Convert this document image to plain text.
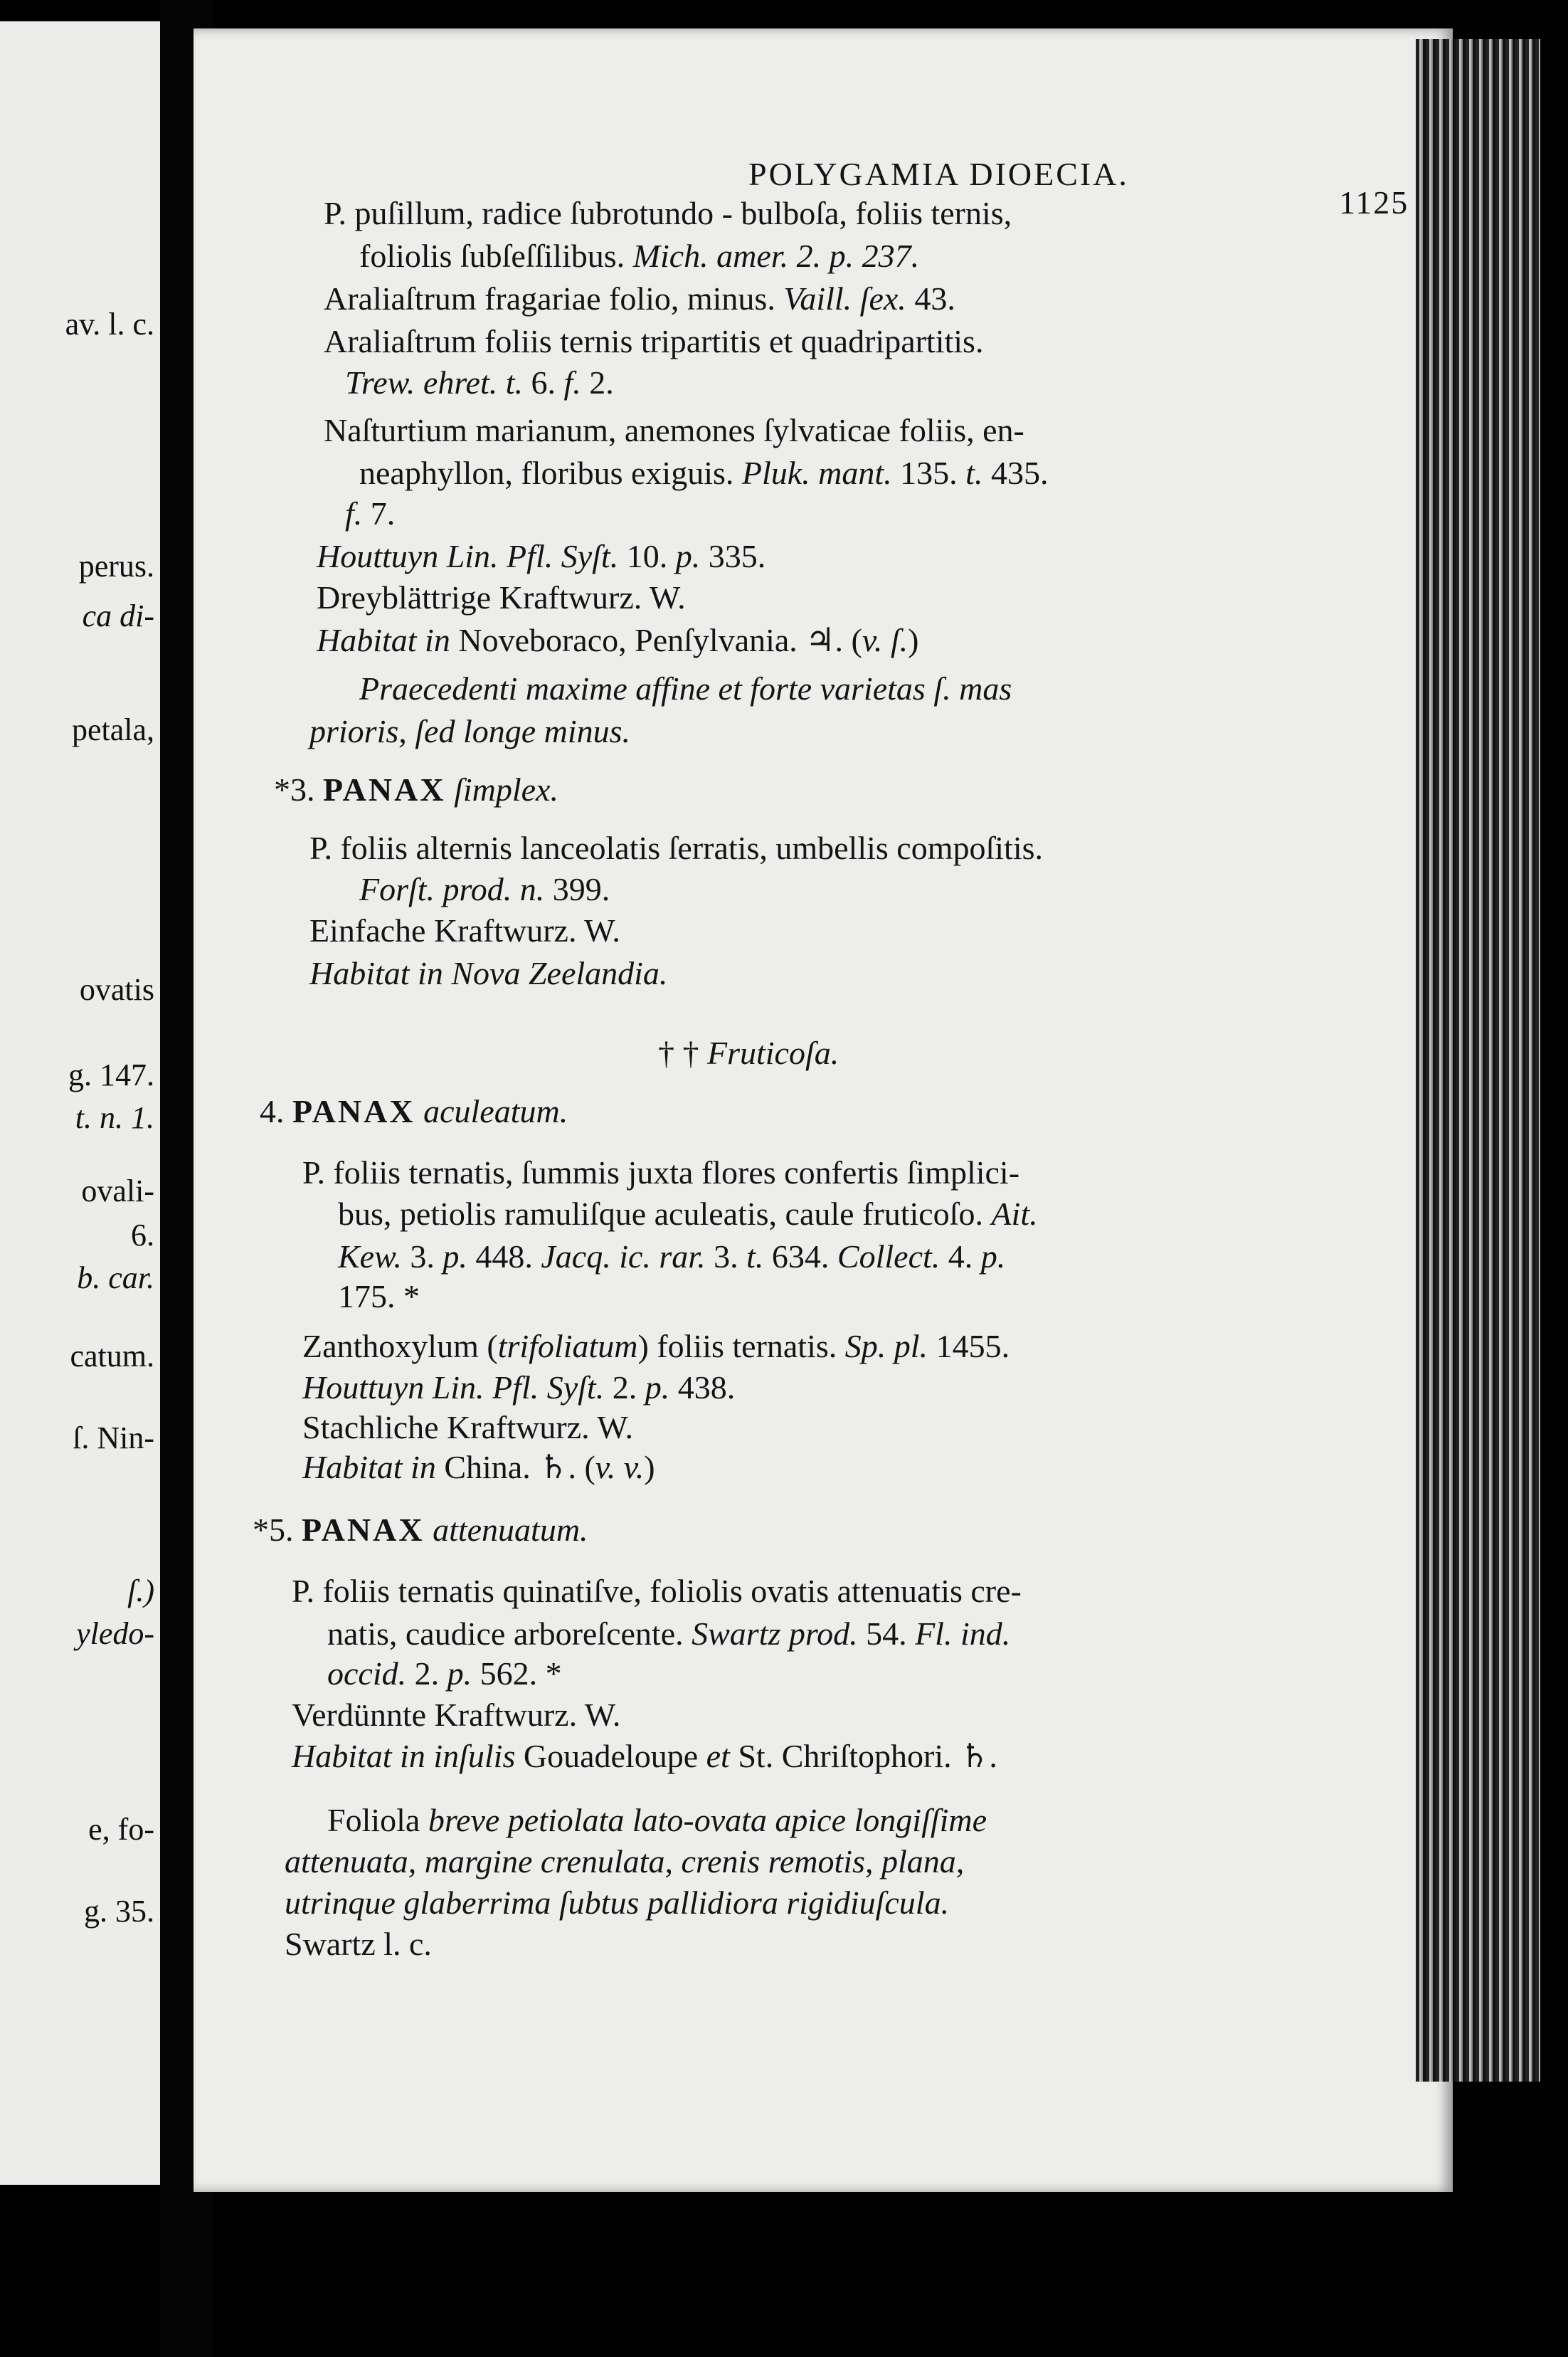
av. l. c.
perus.
ca di-
petala,
ovatis
g. 147.
t. n. 1.
ovali-
6.
b. car.
catum.
ſ. Nin-
ſ.)
yledo-
e, fo-
g. 35.
POLYGAMIA DIOECIA.
1125
P. puſillum, radice ſubrotundo - bulboſa, foliis ternis,
foliolis ſubſeſſilibus. Mich. amer. 2. p. 237.
Araliaſtrum fragariae folio, minus. Vaill. ſex. 43.
Araliaſtrum foliis ternis tripartitis et quadripartitis.
Trew. ehret. t. 6. f. 2.
Naſturtium marianum, anemones ſylvaticae foliis, en-
neaphyllon, floribus exiguis. Pluk. mant. 135. t. 435.
f. 7.
Houttuyn Lin. Pfl. Syſt. 10. p. 335.
Dreyblättrige Kraftwurz. W.
Habitat in Noveboraco, Penſylvania. ♃. (v. ſ.)
Praecedenti maxime affine et forte varietas ſ. mas
prioris, ſed longe minus.
*3. PANAX ſimplex.
P. foliis alternis lanceolatis ſerratis, umbellis compoſitis.
Forſt. prod. n. 399.
Einfache Kraftwurz. W.
Habitat in Nova Zeelandia.
† † Fruticoſa.
4. PANAX aculeatum.
P. foliis ternatis, ſummis juxta flores confertis ſimplici-
bus, petiolis ramuliſque aculeatis, caule fruticoſo. Ait.
Kew. 3. p. 448. Jacq. ic. rar. 3. t. 634. Collect. 4. p.
175. *
Zanthoxylum (trifoliatum) foliis ternatis. Sp. pl. 1455.
Houttuyn Lin. Pfl. Syſt. 2. p. 438.
Stachliche Kraftwurz. W.
Habitat in China. ♄. (v. v.)
*5. PANAX attenuatum.
P. foliis ternatis quinatiſve, foliolis ovatis attenuatis cre-
natis, caudice arboreſcente. Swartz prod. 54. Fl. ind.
occid. 2. p. 562. *
Verdünnte Kraftwurz. W.
Habitat in inſulis Gouadeloupe et St. Chriſtophori. ♄.
Foliola breve petiolata lato-ovata apice longiſſime
attenuata, margine crenulata, crenis remotis, plana,
utrinque glaberrima ſubtus pallidiora rigidiuſcula.
Swartz l. c.
